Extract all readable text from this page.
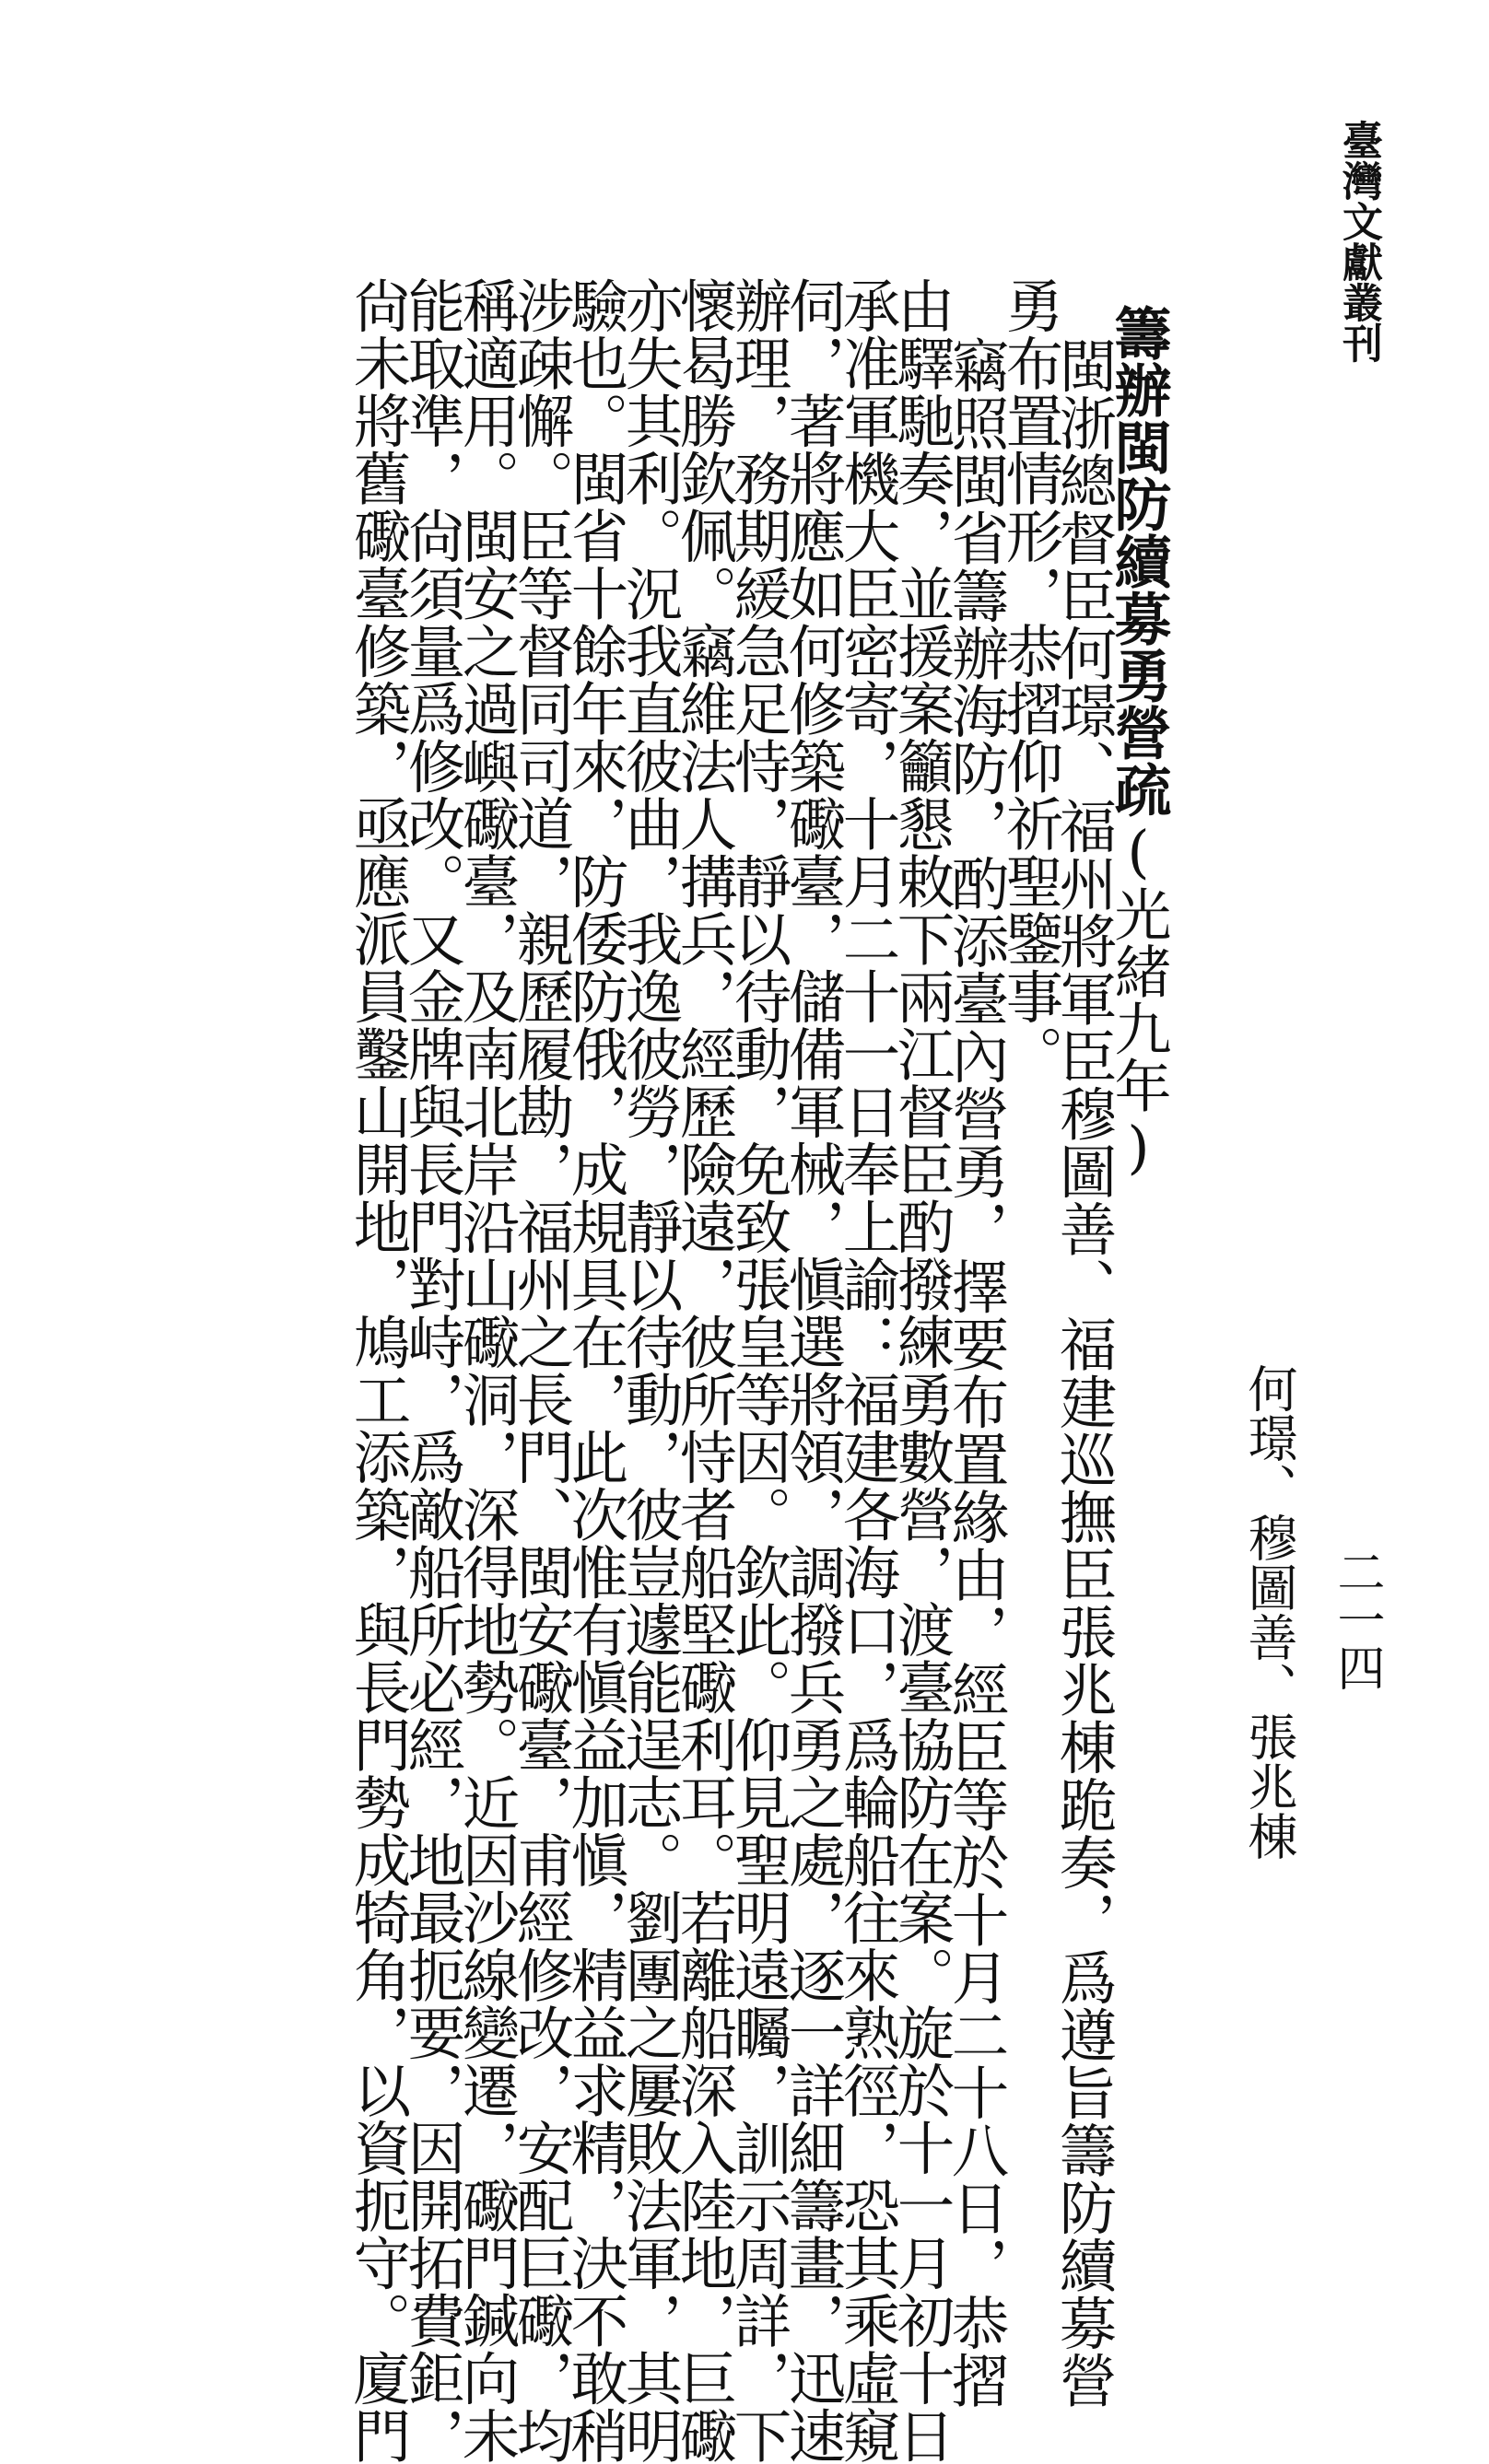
臺灣文獻叢刊
二一四
何璟、穆圖善、張兆棟
籌辦閩防續募勇營疏(光緒九年)
閩浙總督臣何璟、福州將軍臣穆圖善、福建巡撫臣張兆棟跪奏，爲遵旨籌防續募營
勇布置情形，恭摺仰祈聖鑒事。
竊照閩省籌辦海防，酌添臺內營勇，擇要布置緣由，經臣等於十月二十八日，恭摺
由驛馳奏，並援案籲懇敕下兩江督臣酌撥練勇數營，渡臺協防在案。旋於十一月初十日
承准軍機大臣密寄，十月二十一日奉上諭：福建各海口，爲輪船往來熟徑，恐其乘虛窺
伺，著將應如何修築礮臺，儲備軍械，愼選將領，調撥兵勇之處，逐一詳細籌畫，迅速
辦理，務期緩急足恃，靜以待動，免致張皇等因。欽此。仰見聖明遠矚，訓示周詳，下
懷曷勝欽佩。竊維法人搆兵，經歷險遠，彼所恃者船堅礮利耳。若離船深入陸地，巨礮
亦失其利。況我直彼曲，我逸彼勞，靜以待動，彼豈遽能逞志。劉團之屢敗法軍，其明
驗也。閩省十餘年來，防倭防俄，成規具在，此次惟有愼益加愼，精益求精，決不敢稍
涉疎懈。臣等督同司道，親歷履勘，福州之長門、閩安礮臺，甫經修改，安配巨礮，均
稱適用。閩安之過嶼礮臺，及南北岸沿山礮洞，深得地勢。近因沙線變遷，礮門鍼向未
能取準，尙須量爲修改。又金牌與長門對峙，爲敵船所必經，地最扼要，因開拓費鉅，
尙未將舊礮臺修築，亟應派員鑿山開地，鳩工添築，與長門勢成犄角，以資扼守。廈門
